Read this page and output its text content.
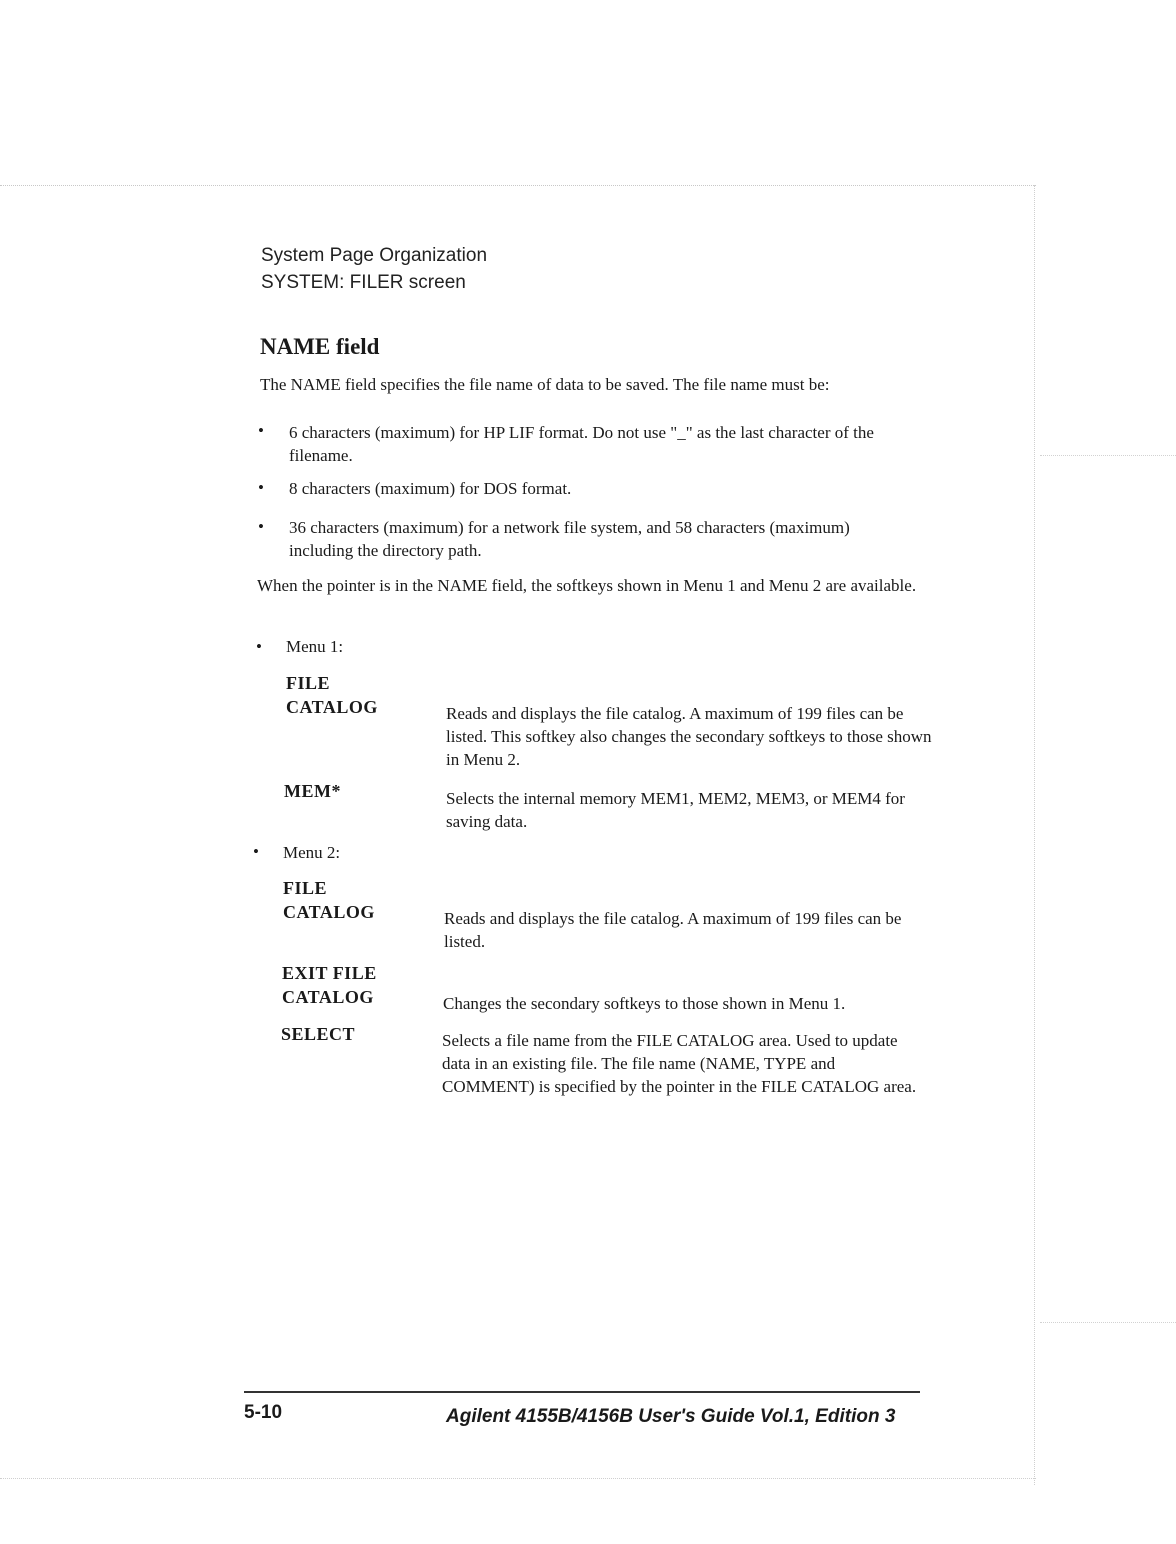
System Page Organization
SYSTEM: FILER screen
NAME field

The NAME field specifies the file name of data to be saved. The file name must be:

• 6 characters (maximum) for HP LIF format. Do not use "_" as the last character of the filename.

• 8 characters (maximum) for DOS format.

• 36 characters (maximum) for a network file system, and 58 characters (maximum) including the directory path.

When the pointer is in the NAME field, the softkeys shown in Menu 1 and Menu 2 are available.

• Menu 1:
FILE
CATALOG	Reads and displays the file catalog. A maximum of 199 files can be listed. This softkey also changes the secondary softkeys to those shown in Menu 2.

MEM*	Selects the internal memory MEM1, MEM2, MEM3, or MEM4 for saving data.

• Menu 2:
FILE
CATALOG	Reads and displays the file catalog. A maximum of 199 files can be listed.

EXIT FILE
CATALOG	Changes the secondary softkeys to those shown in Menu 1.

SELECT	Selects a file name from the FILE CATALOG area. Used to update data in an existing file. The file name (NAME, TYPE and COMMENT) is specified by the pointer in the FILE CATALOG area.

5-10	Agilent 4155B/4156B User's Guide Vol.1, Edition 3
